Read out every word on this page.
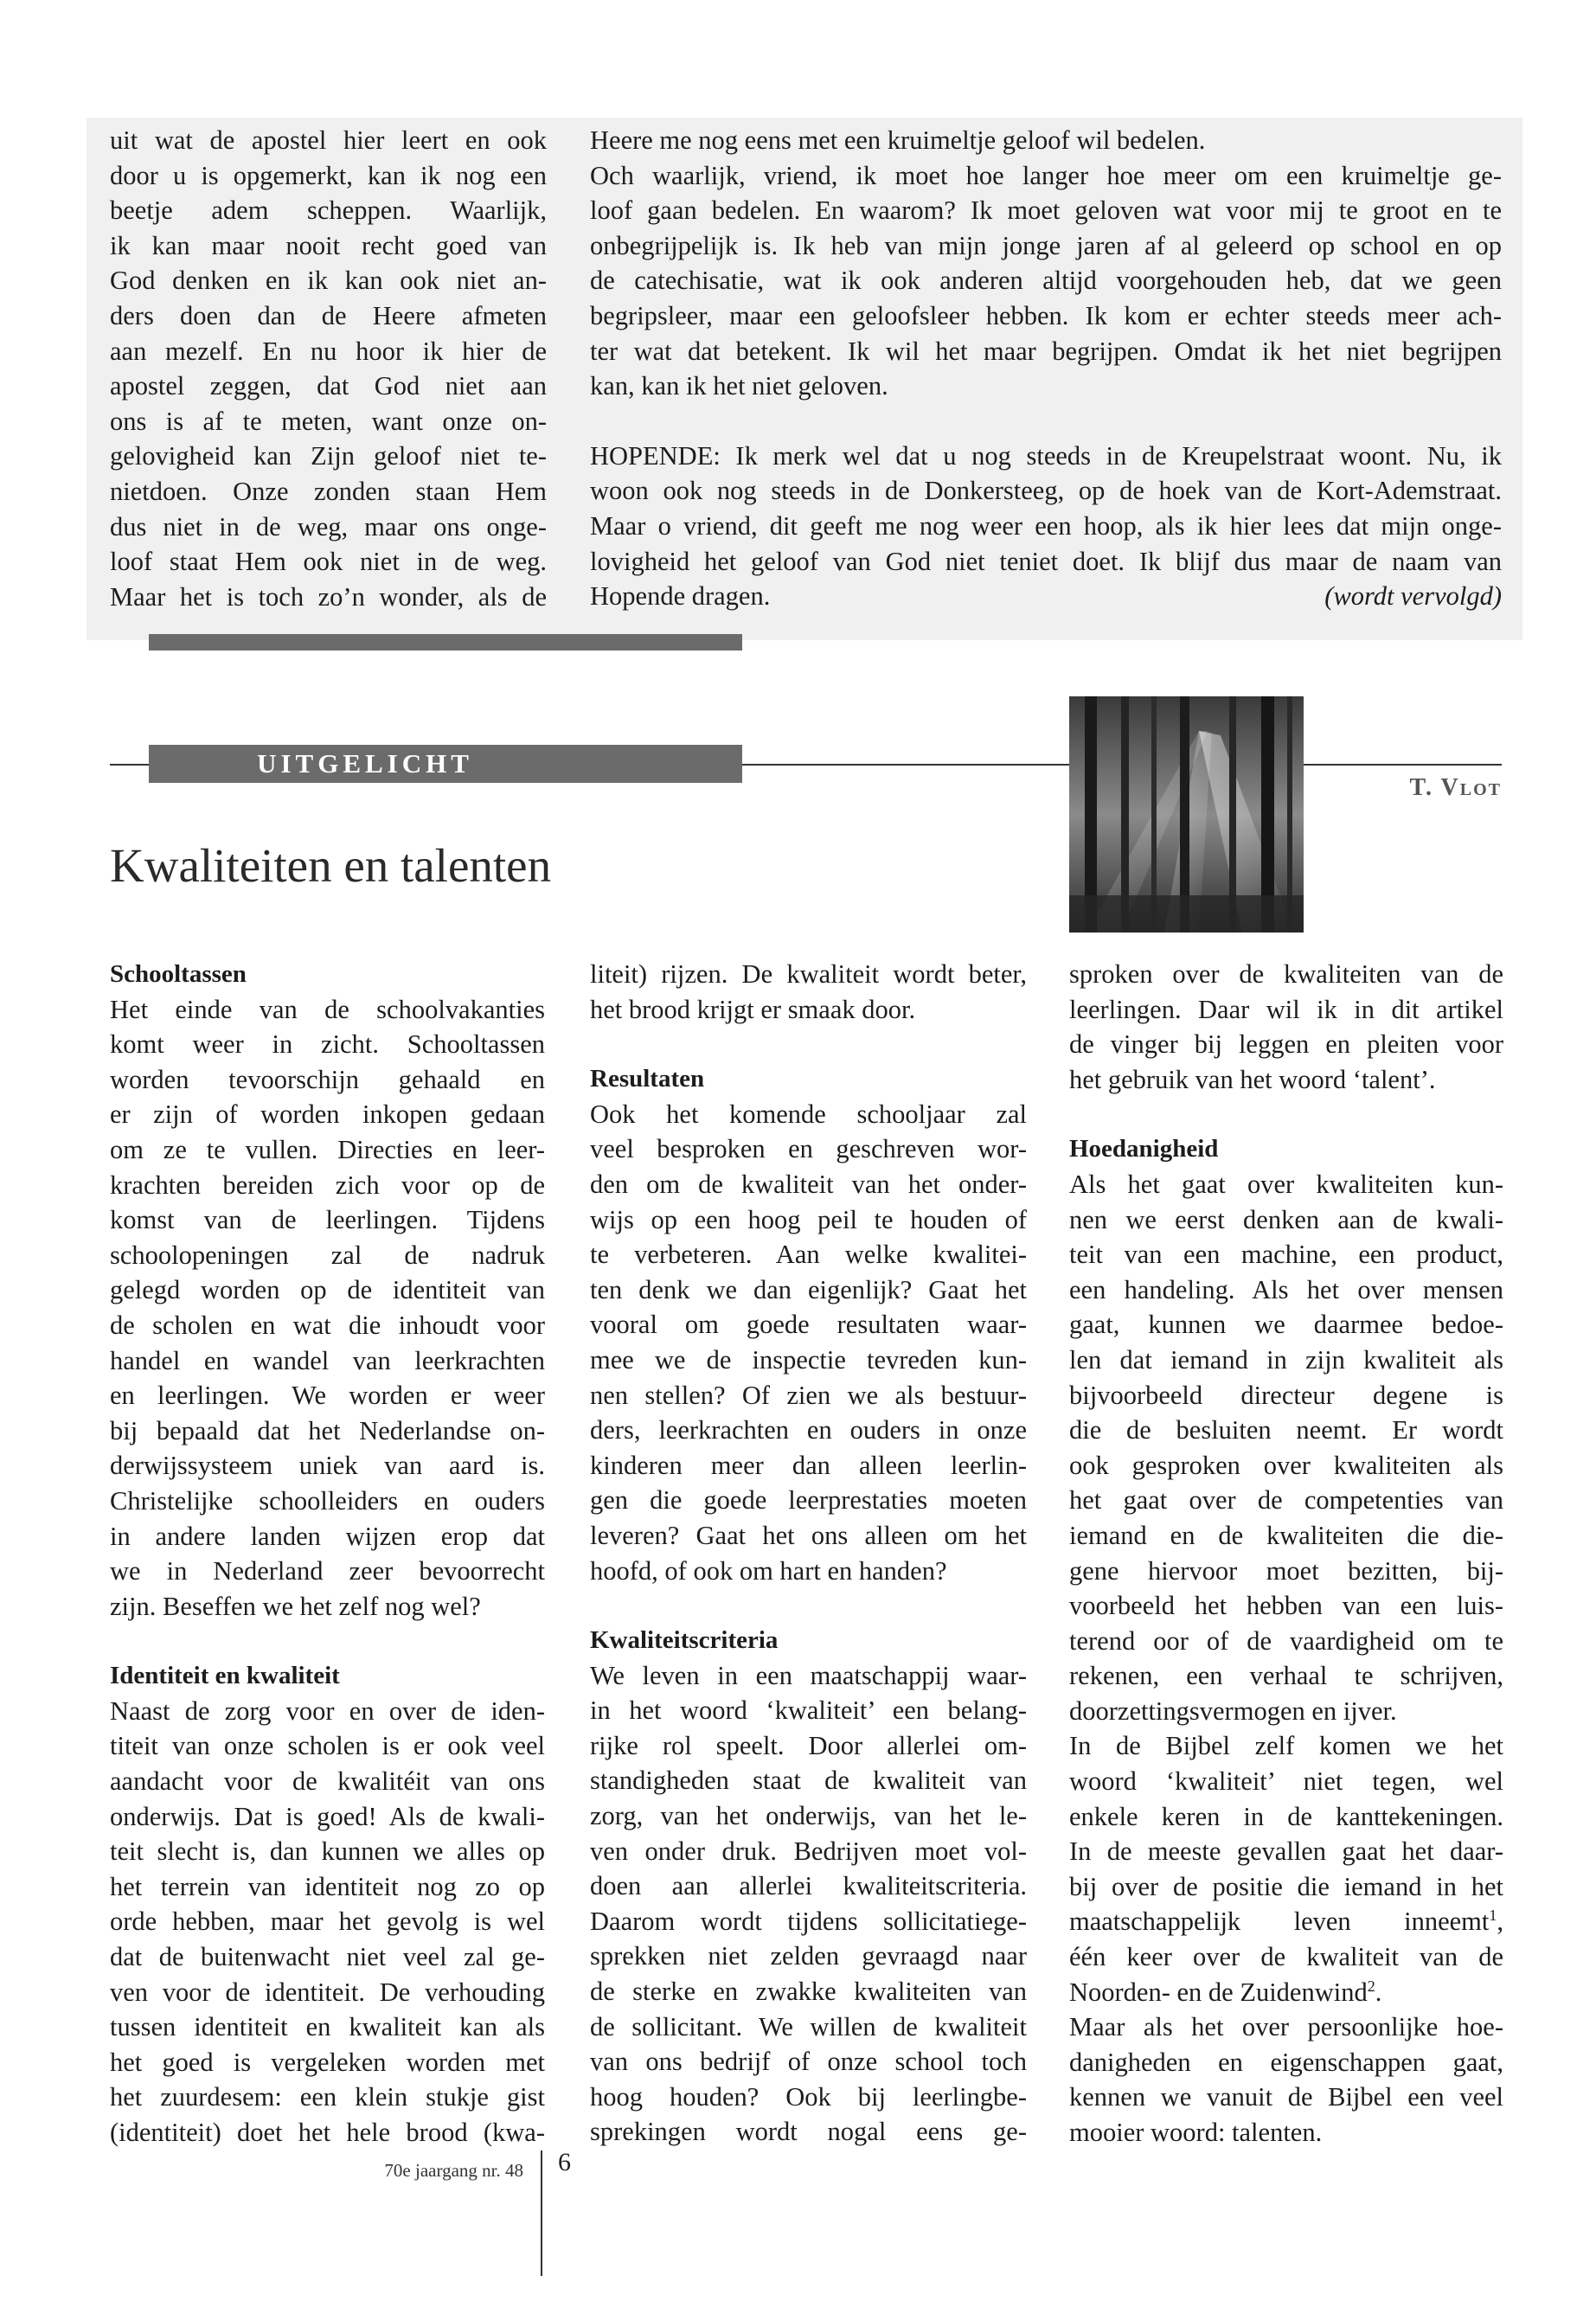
uit wat de apostel hier leert en ook

door u is opgemerkt, kan ik nog een

beetje adem scheppen. Waarlijk,

ik kan maar nooit recht goed van

God denken en ik kan ook niet an-

ders doen dan de Heere afmeten

aan mezelf. En nu hoor ik hier de

apostel zeggen, dat God niet aan

ons is af te meten, want onze on-

gelovigheid kan Zijn geloof niet te-

nietdoen. Onze zonden staan Hem

dus niet in de weg, maar ons onge-

loof staat Hem ook niet in de weg.

Maar het is toch zo’n wonder, als de

Heere me nog eens met een kruimeltje geloof wil bedelen.

Och waarlijk, vriend, ik moet hoe langer hoe meer om een kruimeltje ge-

loof gaan bedelen. En waarom? Ik moet geloven wat voor mij te groot en te

onbegrijpelijk is. Ik heb van mijn jonge jaren af al geleerd op school en op

de catechisatie, wat ik ook anderen altijd voorgehouden heb, dat we geen

begripsleer, maar een geloofsleer hebben. Ik kom er echter steeds meer ach-

ter wat dat betekent. Ik wil het maar begrijpen. Omdat ik het niet begrijpen

kan, kan ik het niet geloven.

HOPENDE: Ik merk wel dat u nog steeds in de Kreupelstraat woont. Nu, ik

woon ook nog steeds in de Donkersteeg, op de hoek van de Kort-Ademstraat.

Maar o vriend, dit geeft me nog weer een hoop, als ik hier lees dat mijn onge-

lovigheid het geloof van God niet teniet doet. Ik blijf dus maar de naam van

Hopende dragen.	(wordt vervolgd)

UITGELICHT
T. Vlot
Kwaliteiten en talenten
Schooltassen

Het einde van de schoolvakanties

komt weer in zicht. Schooltassen

worden tevoorschijn gehaald en

er zijn of worden inkopen gedaan

om ze te vullen. Directies en leer-

krachten bereiden zich voor op de

komst van de leerlingen. Tijdens

schoolopeningen zal de nadruk

gelegd worden op de identiteit van

de scholen en wat die inhoudt voor

handel en wandel van leerkrachten

en leerlingen. We worden er weer

bij bepaald dat het Nederlandse on-

derwijssysteem uniek van aard is.

Christelijke schoolleiders en ouders

in andere landen wijzen erop dat

we in Nederland zeer bevoorrecht

zijn. Beseffen we het zelf nog wel?

Identiteit en kwaliteit

Naast de zorg voor en over de iden-

titeit van onze scholen is er ook veel

aandacht voor de kwalitéit van ons

onderwijs. Dat is goed! Als de kwali-

teit slecht is, dan kunnen we alles op

het terrein van identiteit nog zo op

orde hebben, maar het gevolg is wel

dat de buitenwacht niet veel zal ge-

ven voor de identiteit. De verhouding

tussen identiteit en kwaliteit kan als

het goed is vergeleken worden met

het zuurdesem: een klein stukje gist

(identiteit) doet het hele brood (kwa-

liteit) rijzen. De kwaliteit wordt beter,

het brood krijgt er smaak door.

Resultaten

Ook het komende schooljaar zal

veel besproken en geschreven wor-

den om de kwaliteit van het onder-

wijs op een hoog peil te houden of

te verbeteren. Aan welke kwalitei-

ten denk we dan eigenlijk? Gaat het

vooral om goede resultaten waar-

mee we de inspectie tevreden kun-

nen stellen? Of zien we als bestuur-

ders, leerkrachten en ouders in onze

kinderen meer dan alleen leerlin-

gen die goede leerprestaties moeten

leveren? Gaat het ons alleen om het

hoofd, of ook om hart en handen?

Kwaliteitscriteria

We leven in een maatschappij waar-

in het woord ‘kwaliteit’ een belang-

rijke rol speelt. Door allerlei om-

standigheden staat de kwaliteit van

zorg, van het onderwijs, van het le-

ven onder druk. Bedrijven moet vol-

doen aan allerlei kwaliteitscriteria.

Daarom wordt tijdens sollicitatiege-

sprekken niet zelden gevraagd naar

de sterke en zwakke kwaliteiten van

de sollicitant. We willen de kwaliteit

van ons bedrijf of onze school toch

hoog houden? Ook bij leerlingbe-

sprekingen wordt nogal eens ge-

sproken over de kwaliteiten van de

leerlingen. Daar wil ik in dit artikel

de vinger bij leggen en pleiten voor

het gebruik van het woord ‘talent’.

Hoedanigheid

Als het gaat over kwaliteiten kun-

nen we eerst denken aan de kwali-

teit van een machine, een product,

een handeling. Als het over mensen

gaat, kunnen we daarmee bedoe-

len dat iemand in zijn kwaliteit als

bijvoorbeeld directeur degene is

die de besluiten neemt. Er wordt

ook gesproken over kwaliteiten als

het gaat over de competenties van

iemand en de kwaliteiten die die-

gene hiervoor moet bezitten, bij-

voorbeeld het hebben van een luis-

terend oor of de vaardigheid om te

rekenen, een verhaal te schrijven,

doorzettingsvermogen en ijver.

In de Bijbel zelf komen we het

woord ‘kwaliteit’ niet tegen, wel

enkele keren in de kanttekeningen.

In de meeste gevallen gaat het daar-

bij over de positie die iemand in het

maatschappelijk leven inneemt$^1$,

één keer over de kwaliteit van de

Noorden- en de Zuidenwind$^2$.

Maar als het over persoonlijke hoe-

danigheden en eigenschappen gaat,

kennen we vanuit de Bijbel een veel

mooier woord: talenten.

70e jaargang nr. 48 6
